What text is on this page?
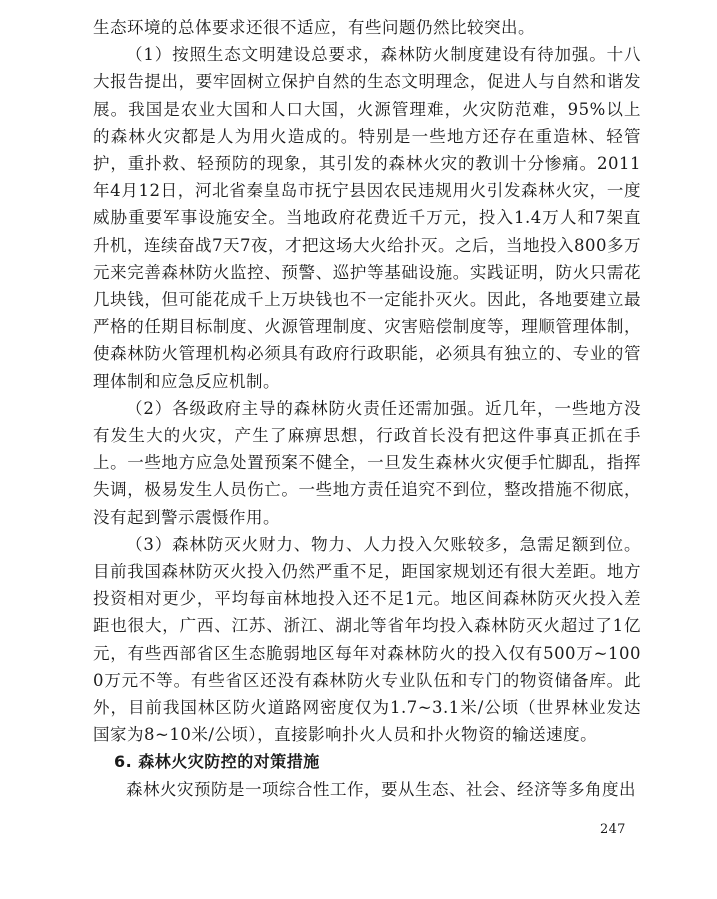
生态环境的总体要求还很不适应，有些问题仍然比较突出。

（1）按照生态文明建设总要求，森林防火制度建设有待加强。十八大报告提出，要牢固树立保护自然的生态文明理念，促进人与自然和谐发展。我国是农业大国和人口大国，火源管理难，火灾防范难，95%以上的森林火灾都是人为用火造成的。特别是一些地方还存在重造林、轻管护，重扑救、轻预防的现象，其引发的森林火灾的教训十分惨痛。2011年4月12日，河北省秦皇岛市抚宁县因农民违规用火引发森林火灾，一度威胁重要军事设施安全。当地政府花费近千万元，投入1.4万人和7架直升机，连续奋战7天7夜，才把这场大火给扑灭。之后，当地投入800多万元来完善森林防火监控、预警、巡护等基础设施。实践证明，防火只需花几块钱，但可能花成千上万块钱也不一定能扑灭火。因此，各地要建立最严格的任期目标制度、火源管理制度、灾害赔偿制度等，理顺管理体制，使森林防火管理机构必须具有政府行政职能，必须具有独立的、专业的管理体制和应急反应机制。

（2）各级政府主导的森林防火责任还需加强。近几年，一些地方没有发生大的火灾，产生了麻痹思想，行政首长没有把这件事真正抓在手上。一些地方应急处置预案不健全，一旦发生森林火灾便手忙脚乱，指挥失调，极易发生人员伤亡。一些地方责任追究不到位，整改措施不彻底，没有起到警示震慑作用。

（3）森林防灭火财力、物力、人力投入欠账较多，急需足额到位。目前我国森林防灭火投入仍然严重不足，距国家规划还有很大差距。地方投资相对更少，平均每亩林地投入还不足1元。地区间森林防灭火投入差距也很大，广西、江苏、浙江、湖北等省年均投入森林防灭火超过了1亿元，有些西部省区生态脆弱地区每年对森林防火的投入仅有500万~1000万元不等。有些省区还没有森林防火专业队伍和专门的物资储备库。此外，目前我国林区防火道路网密度仅为1.7~3.1米/公顷（世界林业发达国家为8~10米/公顷），直接影响扑火人员和扑火物资的输送速度。

6. 森林火灾防控的对策措施

森林火灾预防是一项综合性工作，要从生态、社会、经济等多角度出

247
